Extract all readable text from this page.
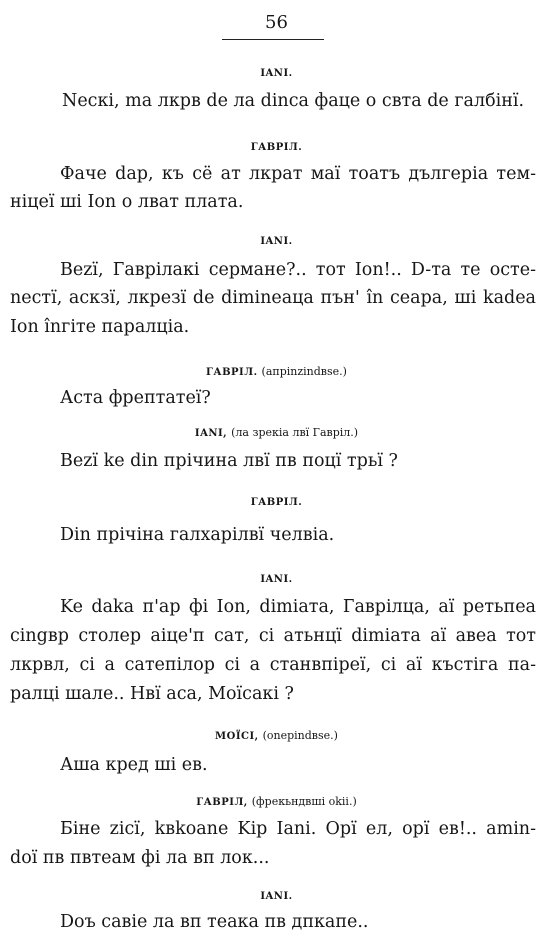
56
IANI.
Necкi, ma лкрв de ла dinca фаце o свтa de галбінї.
ГАВРІЛ.
Фаче dap, къ cё ат лкрат маї тоатъ дългеріа тем-
нiцеї шi Ion o лват плата.
IANI.
Bezї, Гаврілакі сермане?.. тот Ion!.. D-та те остe-
necтї, аскзї, лкрезї de dimineaца пън' în ceapa, шi kadea
Ion înгіте паралцiа.
ГАВРІЛ. (aпpinzindвse.)
Аста фрептатеї?
IANI, (ла зрекіа лвї Гавріл.)
Bezї ke din прiчина лвї пв поцї трьї ?
ГАВРІЛ.
Din прiчiна галхарiлвї челвiа.
IANI.
Ke daka п'ap фi Ion, dimiaтa, Гаврілца, аї ретьпеа
cingвp столер аiце'п сат, сі атьнцї dimiaтa аї авеа тот
лкрвл, сі а сатепілор сі а станвпіреї, сi аї къстiга па-
ралцi шале.. Нвї аса, Моїсакі ?
МОЇСІ, (onepindвse.)
Аша кред шi eв.
ГАВРІЛ, (фрекьндвшi okii.)
Біне zicї, kвkoane Kip Iani. Opї eл, opї eв!.. amin-
doї пв пвтеам фі ла вп лок...
IANI.
Doъ савiе ла вп теака пв дпкапе..
